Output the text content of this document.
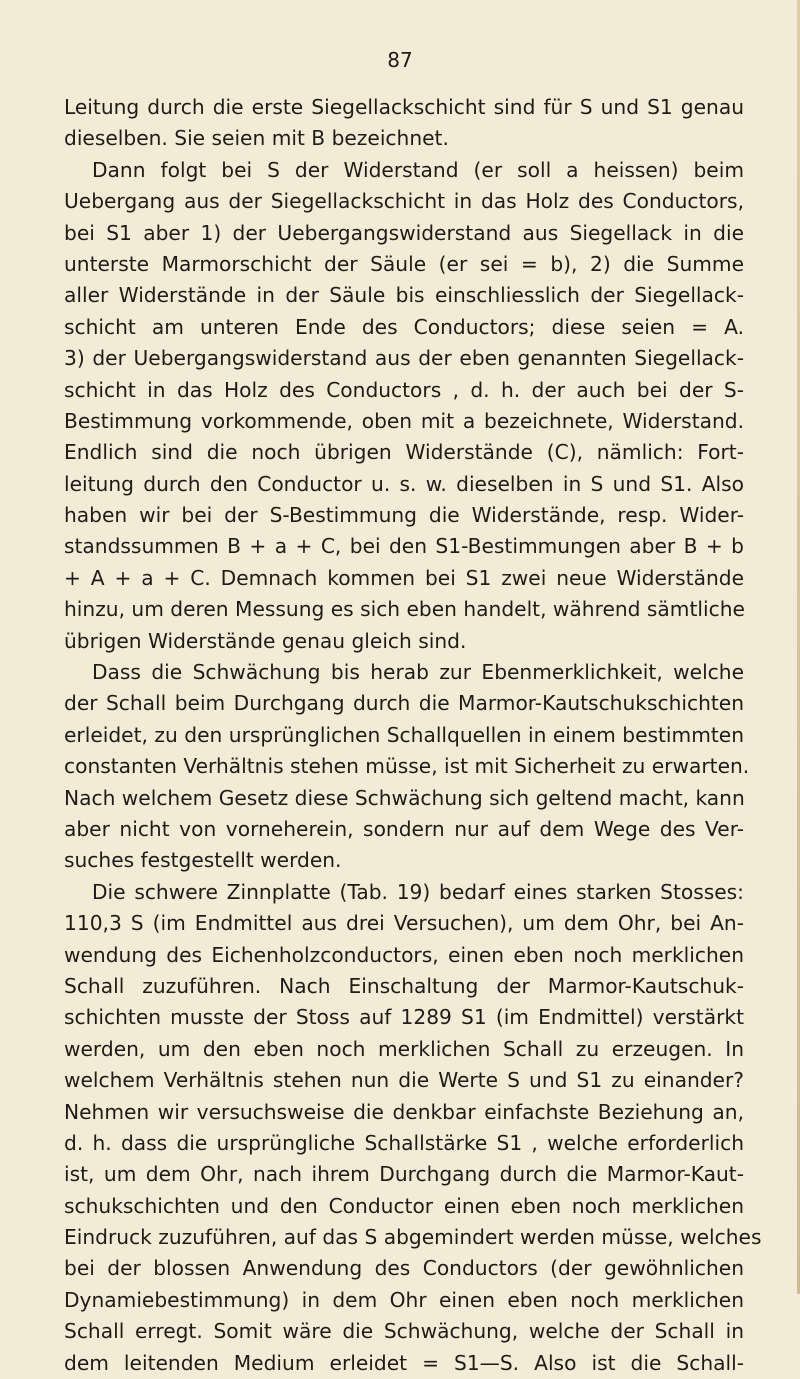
87
Leitung durch die erste Siegellackschicht sind für S und S1 genau
dieselben. Sie seien mit B bezeichnet.
Dann folgt bei S der Widerstand (er soll a heissen) beim
Uebergang aus der Siegellackschicht in das Holz des Conductors,
bei S1 aber 1) der Uebergangswiderstand aus Siegellack in die
unterste Marmorschicht der Säule (er sei = b), 2) die Summe
aller Widerstände in der Säule bis einschliesslich der Siegellack-
schicht am unteren Ende des Conductors; diese seien = A.
3) der Uebergangswiderstand aus der eben genannten Siegellack-
schicht in das Holz des Conductors , d. h. der auch bei der S-
Bestimmung vorkommende, oben mit a bezeichnete, Widerstand.
Endlich sind die noch übrigen Widerstände (C), nämlich: Fort-
leitung durch den Conductor u. s. w. dieselben in S und S1. Also
haben wir bei der S-Bestimmung die Widerstände, resp. Wider-
standssummen B + a + C, bei den S1-Bestimmungen aber B + b
+ A + a + C. Demnach kommen bei S1 zwei neue Widerstände
hinzu, um deren Messung es sich eben handelt, während sämtliche
übrigen Widerstände genau gleich sind.
Dass die Schwächung bis herab zur Ebenmerklichkeit, welche
der Schall beim Durchgang durch die Marmor-Kautschukschichten
erleidet, zu den ursprünglichen Schallquellen in einem bestimmten
constanten Verhältnis stehen müsse, ist mit Sicherheit zu erwarten.
Nach welchem Gesetz diese Schwächung sich geltend macht, kann
aber nicht von vorneherein, sondern nur auf dem Wege des Ver-
suches festgestellt werden.
Die schwere Zinnplatte (Tab. 19) bedarf eines starken Stosses:
110,3 S (im Endmittel aus drei Versuchen), um dem Ohr, bei An-
wendung des Eichenholzconductors, einen eben noch merklichen
Schall zuzuführen. Nach Einschaltung der Marmor-Kautschuk-
schichten musste der Stoss auf 1289 S1 (im Endmittel) verstärkt
werden, um den eben noch merklichen Schall zu erzeugen. In
welchem Verhältnis stehen nun die Werte S und S1 zu einander?
Nehmen wir versuchsweise die denkbar einfachste Beziehung an,
d. h. dass die ursprüngliche Schallstärke S1 , welche erforderlich
ist, um dem Ohr, nach ihrem Durchgang durch die Marmor-Kaut-
schukschichten und den Conductor einen eben noch merklichen
Eindruck zuzuführen, auf das S abgemindert werden müsse, welches
bei der blossen Anwendung des Conductors (der gewöhnlichen
Dynamiebestimmung) in dem Ohr einen eben noch merklichen
Schall erregt. Somit wäre die Schwächung, welche der Schall in
dem leitenden Medium erleidet = S1—S. Also ist die Schall-
